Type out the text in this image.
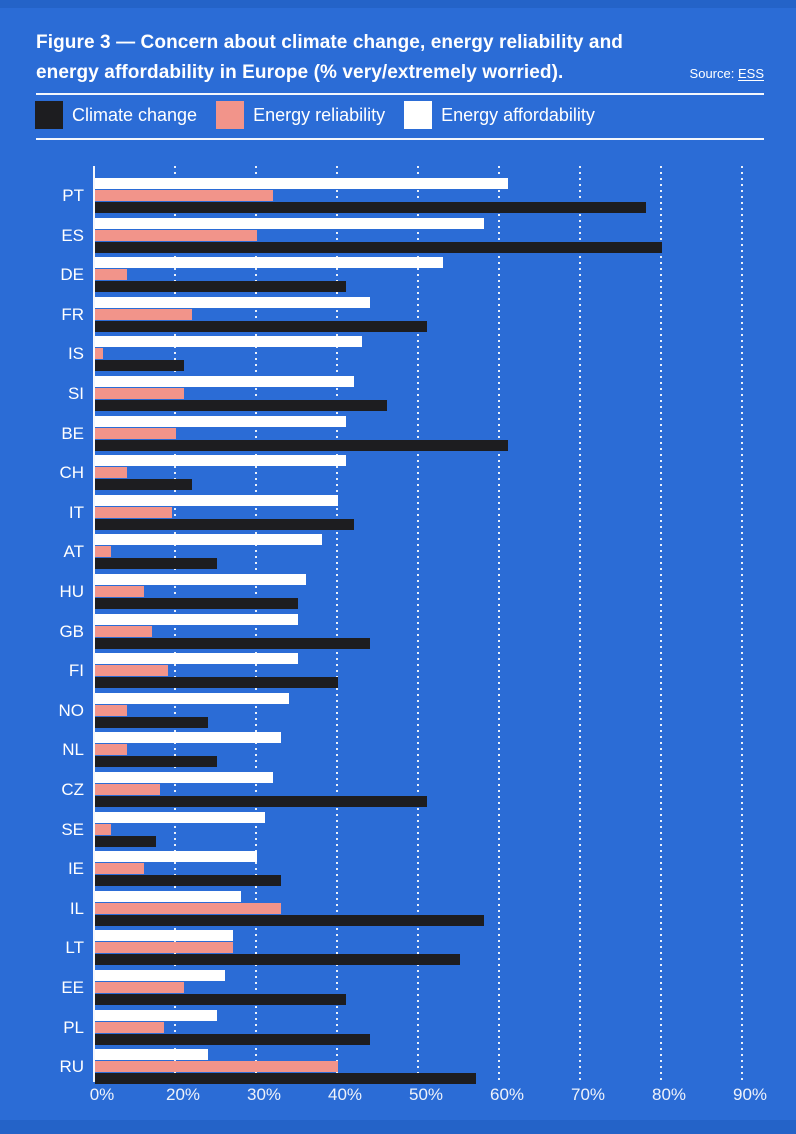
Figure 3 — Concern about climate change, energy reliability and energy affordability in Europe (% very/extremely worried).	Source: ESS
Climate change	Energy reliability	Energy affordability
0%	20%	30%	40%	50%	60%	70%	80%	90%
PT
ES
DE
FR
IS
SI
BE
CH
IT
AT
HU
GB
FI
NO
NL
CZ
SE
IE
IL
LT
EE
PL
RU
